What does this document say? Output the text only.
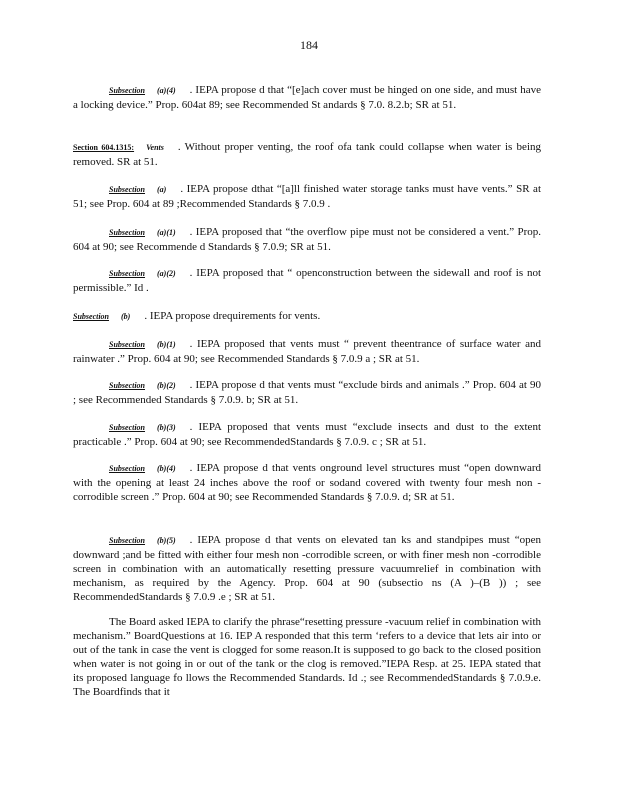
184

Subsection (a)(4) . IEPA propose d that “[e]ach cover must be hinged on one side, and must have a locking device.” Prop. 604at 89; see Recommended St andards § 7.0. 8.2.b; SR at 51.

Section 604.1315: Vents . Without proper venting, the roof ofa tank could collapse when water is being removed. SR at 51.

Subsection (a) . IEPA propose dthat “[a]ll finished water storage tanks must have vents.” SR at 51; see Prop. 604 at 89 ;Recommended Standards § 7.0.9 .

Subsection (a)(1) . IEPA proposed that “the overflow pipe must not be considered a vent.” Prop. 604 at 90; see Recommende d Standards § 7.0.9; SR at 51.

Subsection (a)(2) . IEPA proposed that “ openconstruction between the sidewall and roof is not permissible.” Id .

Subsection (b) . IEPA propose drequirements for vents.

Subsection (b)(1) . IEPA proposed that vents must “ prevent theentrance of surface water and rainwater .” Prop. 604 at 90; see Recommended Standards § 7.0.9 a ; SR at 51.

Subsection (b)(2) . IEPA propose d that vents must “exclude birds and animals .” Prop. 604 at 90 ; see Recommended Standards § 7.0.9. b; SR at 51.

Subsection (b)(3) . IEPA proposed that vents must “exclude insects and dust to the extent practicable .” Prop. 604 at 90; see RecommendedStandards § 7.0.9. c ; SR at 51.

Subsection (b)(4) . IEPA propose d that vents onground level structures must “open downward with the opening at least 24 inches above the roof or sodand covered with twenty four mesh non -corrodible screen .” Prop. 604 at 90; see Recommended Standards § 7.0.9. d; SR at 51.

Subsection (b)(5) . IEPA propose d that vents on elevated tan ks and standpipes must “open downward ;and be fitted with either four mesh non -corrodible screen, or with finer mesh non -corrodible screen in combination with an automatically resetting pressure vacuumrelief in combination with mechanism, as required by the Agency. Prop. 604 at 90 (subsectio ns (A )–(B )) ; see RecommendedStandards § 7.0.9 .e ; SR at 51.

The Board asked IEPA to clarify the phrase“resetting pressure -vacuum relief in combination with mechanism.” BoardQuestions at 16. IEP A responded that this term ‘refers to a device that lets air into or out of the tank in case the vent is clogged for some reason.It is supposed to go back to the closed position when water is not going in or out of the tank or the clog is removed.”IEPA Resp. at 25. IEPA stated that its proposed language fo llows the Recommended Standards. Id .; see RecommendedStandards § 7.0.9.e. The Boardfinds that it
